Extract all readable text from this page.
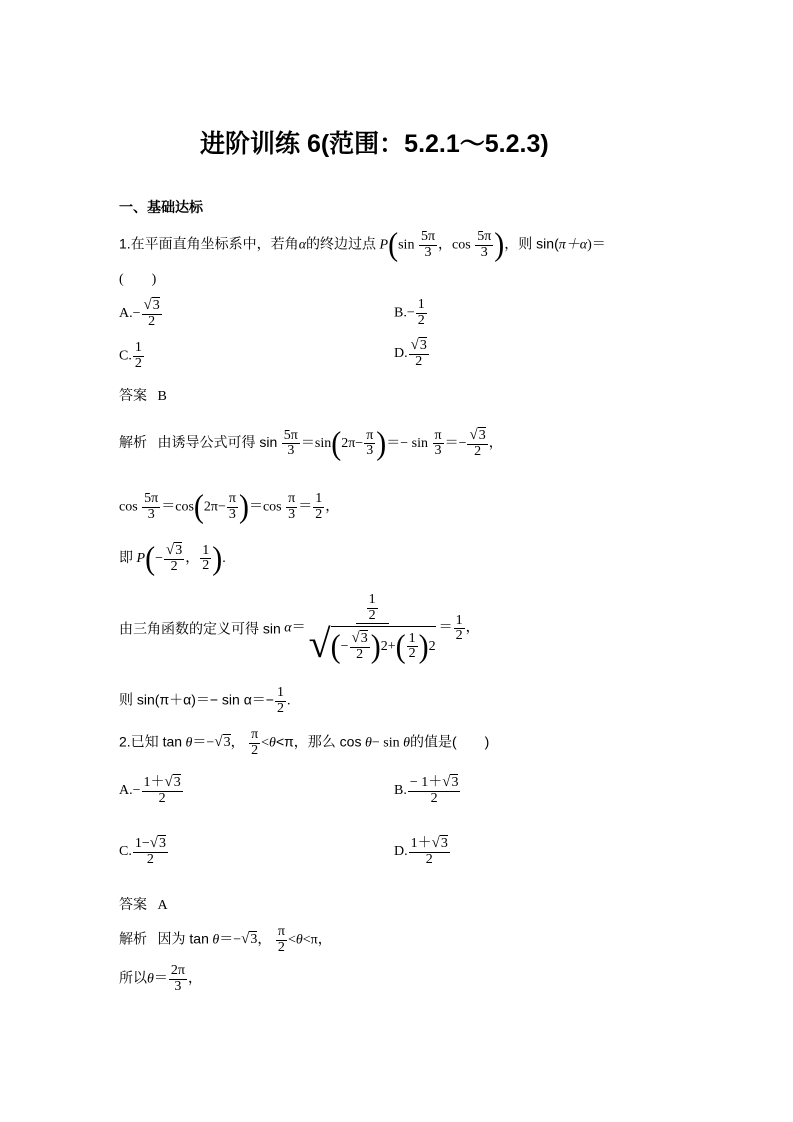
进阶训练 6(范围：5.2.1～5.2.3)
一、基础达标
1.在平面直角坐标系中，若角α的终边过点 $P(\sin \frac{5\pi}{3}$ ，$\cos \frac{5\pi}{3}$ )，则 sin(π＋α)＝
(　　)
$A.- \frac{√3}{2}$	$B.- \frac{1}{2}$
C. $\frac{1}{2}$	D. $\frac{√3}{2}$
答案 B
解析 由诱导公式可得 $\sin \frac{5\pi}{3} =\sin(2\pi- \frac{\pi}{3}$ )＝− $\sin \frac{\pi}{3} =- \frac{√3}{2}$ ，
$\cos \frac{5\pi}{3} =\cos(2\pi- \frac{\pi}{3} )=\cos \frac{\pi}{3} = \frac{1}{2}$ ，
即 $P(- \frac{√3}{2}$ ， $\frac{1}{2}$ ).
由三角函数的定义可得 $\sin \alpha= \frac{\frac{1}{2}}{√(- \frac{√3}{2} )2+( \frac{1}{2} )2} = \frac{1}{2}$ ，
则 $\sin(\pi+\alpha)=- \sin \alpha=- \frac{1}{2}$ .
2.已知 tan θ＝−√3， $\frac{\pi}{2} <\theta<\pi$，那么 cos θ− sin θ的值是(　　)
$A.- \frac{1+√3}{2}$	B. $\frac{- 1+√3}{2}$
C. $\frac{1-√3}{2}$	D. $\frac{1+√3}{2}$
答案 A
解析 因为 tan θ＝−√3， $\frac{\pi}{2} <\theta<\pi$，
所以$\theta= \frac{2\pi}{3}$ ，
